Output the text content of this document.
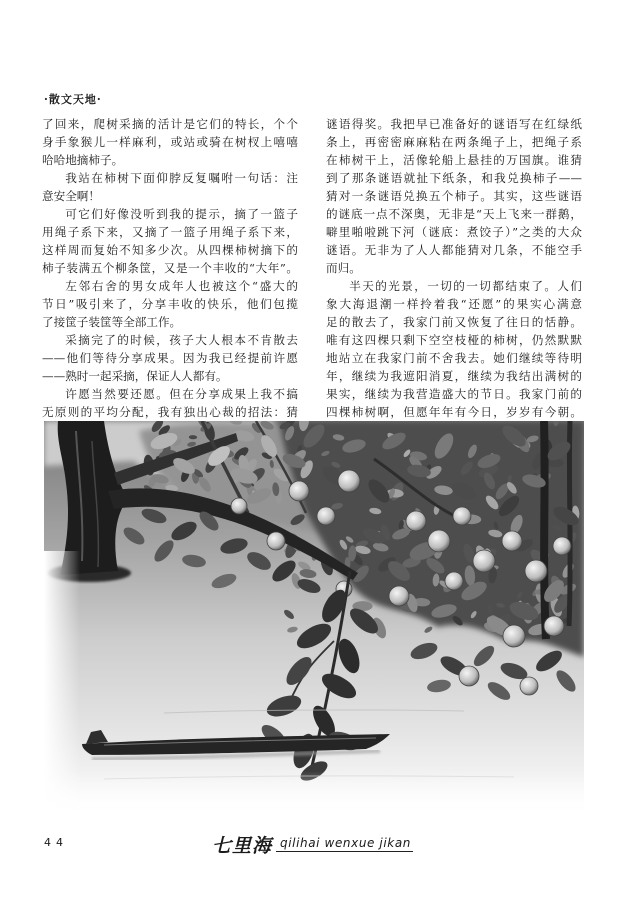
·散文天地·
了回来，爬树采摘的活计是它们的特长，个个
身手象猴儿一样麻利，或站或骑在树杈上嘻嘻
哈哈地摘柿子。
我站在柿树下面仰脖反复嘱咐一句话：注
意安全啊！
可它们好像没听到我的提示，摘了一篮子
用绳子系下来，又摘了一篮子用绳子系下来，
这样周而复始不知多少次。从四棵柿树摘下的
柿子装满五个柳条筐，又是一个丰收的“大年”。
左邻右舍的男女成年人也被这个“盛大的
节日”吸引来了，分享丰收的快乐，他们包揽
了接筐子装筐等全部工作。
采摘完了的时候，孩子大人根本不肯散去
——他们等待分享成果。因为我已经提前许愿
——熟时一起采摘，保证人人都有。
许愿当然要还愿。但在分享成果上我不搞
无原则的平均分配，我有独出心裁的招法：猜
谜语得奖。我把早已准备好的谜语写在红绿纸
条上，再密密麻麻粘在两条绳子上，把绳子系
在柿树干上，活像轮船上悬挂的万国旗。谁猜
到了那条谜语就扯下纸条，和我兑换柿子——
猜对一条谜语兑换五个柿子。其实，这些谜语
的谜底一点不深奥，无非是“天上飞来一群鹅，
噼里啪啦跳下河（谜底：煮饺子）”之类的大众
谜语。无非为了人人都能猜对几条，不能空手
而归。
半天的光景，一切的一切都结束了。人们
象大海退潮一样拎着我“还愿”的果实心满意
足的散去了，我家门前又恢复了往日的恬静。
唯有这四棵只剩下空空枝桠的柿树，仍然默默
地站立在我家门前不舍我去。她们继续等待明
年，继续为我遮阳消夏，继续为我结出满树的
果实，继续为我营造盛大的节日。我家门前的
四棵柿树啊，但愿年年有今日，岁岁有今朝。
44	七里海 qilihai wenxue jikan
